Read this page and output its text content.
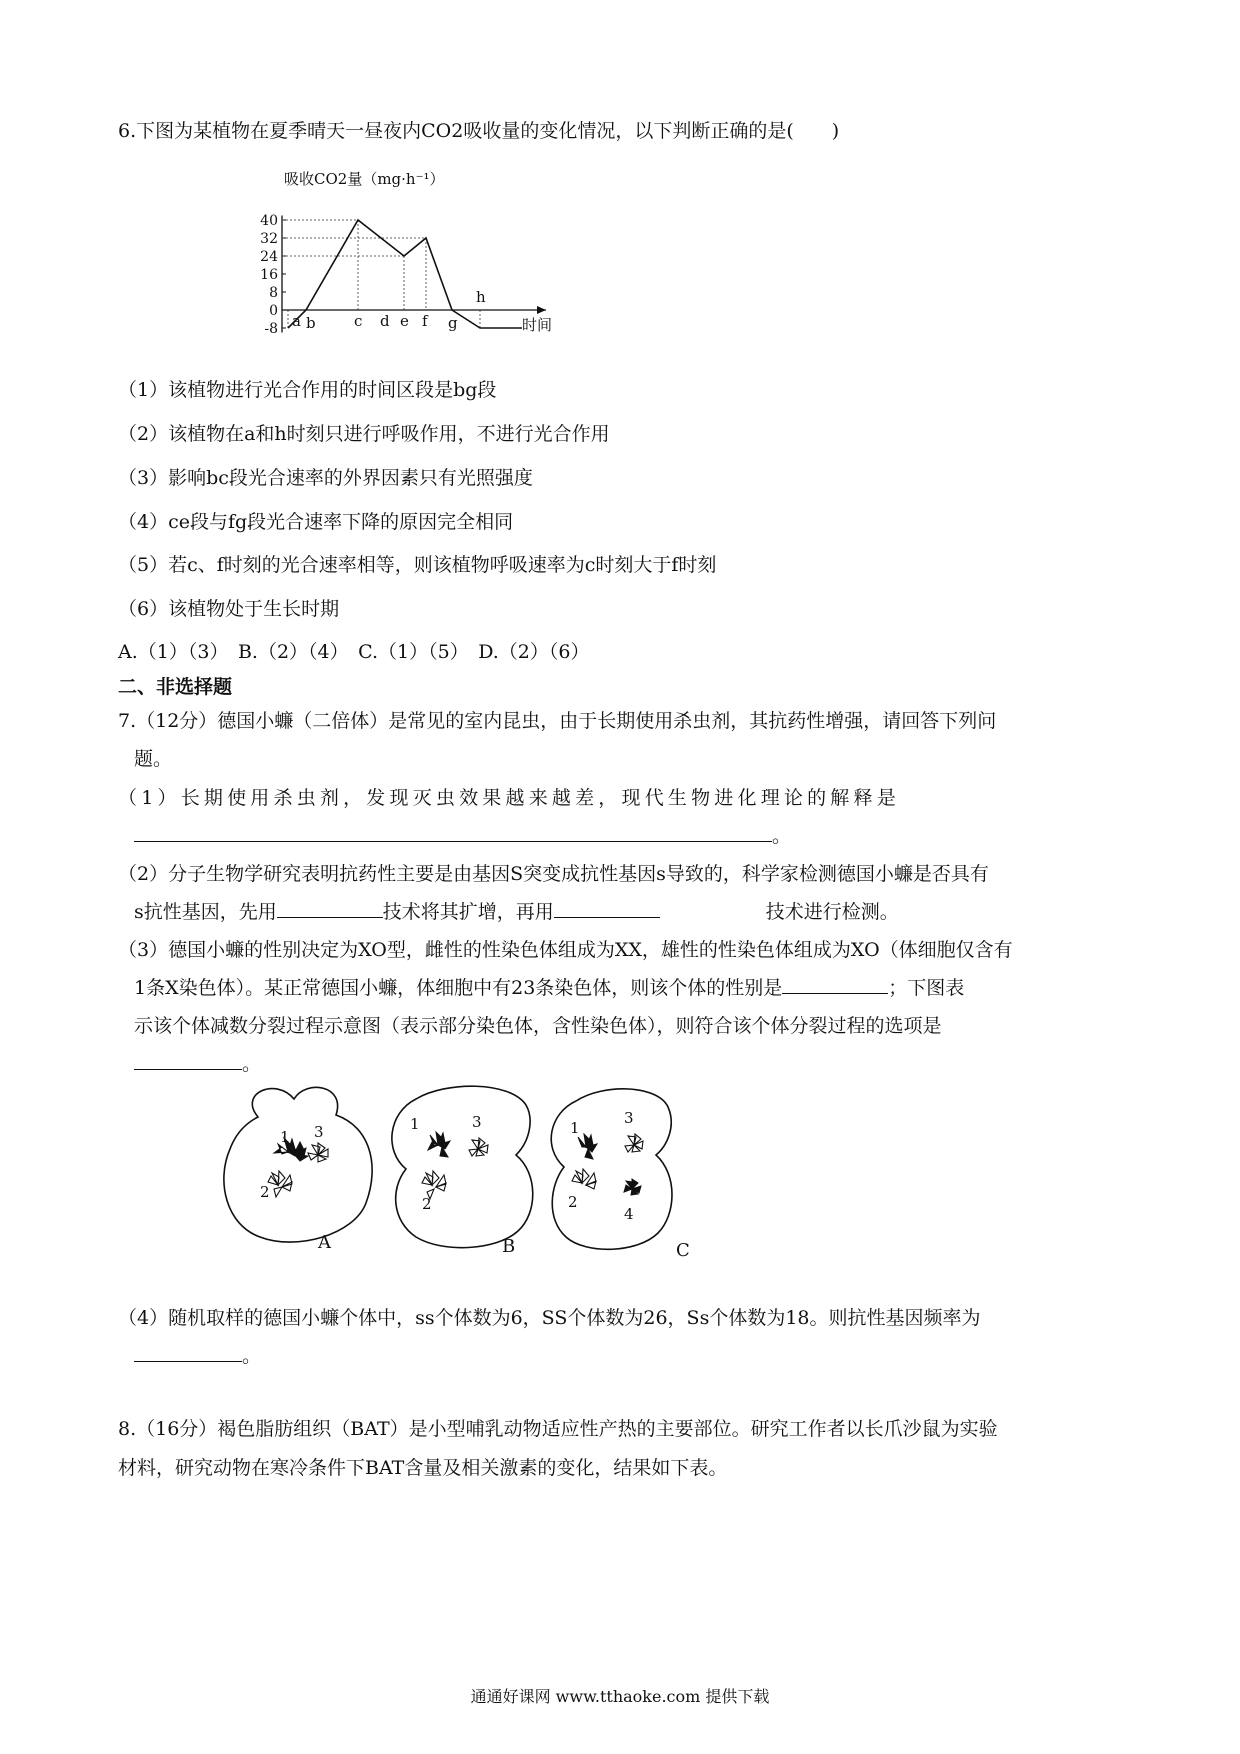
6.下图为某植物在夏季晴天一昼夜内CO2吸收量的变化情况，以下判断正确的是(　　)
40
32
24
16
8
0
-8
吸收CO2量（mg·h⁻¹）
时间
a b	c d e f g
h
（1）该植物进行光合作用的时间区段是bg段
（2）该植物在a和h时刻只进行呼吸作用，不进行光合作用
（3）影响bc段光合速率的外界因素只有光照强度
（4）ce段与fg段光合速率下降的原因完全相同
（5）若c、f时刻的光合速率相等，则该植物呼吸速率为c时刻大于f时刻
（6）该植物处于生长时期
A.（1）（3）　B.（2）（4）　C.（1）（5）　D.（2）（6）
二、非选择题
7.（12分）德国小蠊（二倍体）是常见的室内昆虫，由于长期使用杀虫剂，其抗药性增强，请回答下列问
题。
（1）长期使用杀虫剂，发现灭虫效果越来越差，现代生物进化理论的解释是
。
（2）分子生物学研究表明抗药性主要是由基因S突变成抗性基因s导致的，科学家检测德国小蠊是否具有
s抗性基因，先用	技术将其扩增，再用	技术进行检测。
（3）德国小蠊的性别决定为XO型，雌性的性染色体组成为XX，雄性的性染色体组成为XO（体细胞仅含有
1条X染色体）。某正常德国小蠊，体细胞中有23条染色体，则该个体的性别是	；下图表
示该个体减数分裂过程示意图（表示部分染色体，含性染色体），则符合该个体分裂过程的选项是
。
1 3
2
1	3
2
1
3
2
4
A	B	C
（4）随机取样的德国小蠊个体中，ss个体数为6，SS个体数为26，Ss个体数为18。则抗性基因频率为
。
8.（16分）褐色脂肪组织（BAT）是小型哺乳动物适应性产热的主要部位。研究工作者以长爪沙鼠为实验
材料，研究动物在寒冷条件下BAT含量及相关激素的变化，结果如下表。
通通好课网 www.tthaoke.com 提供下载
